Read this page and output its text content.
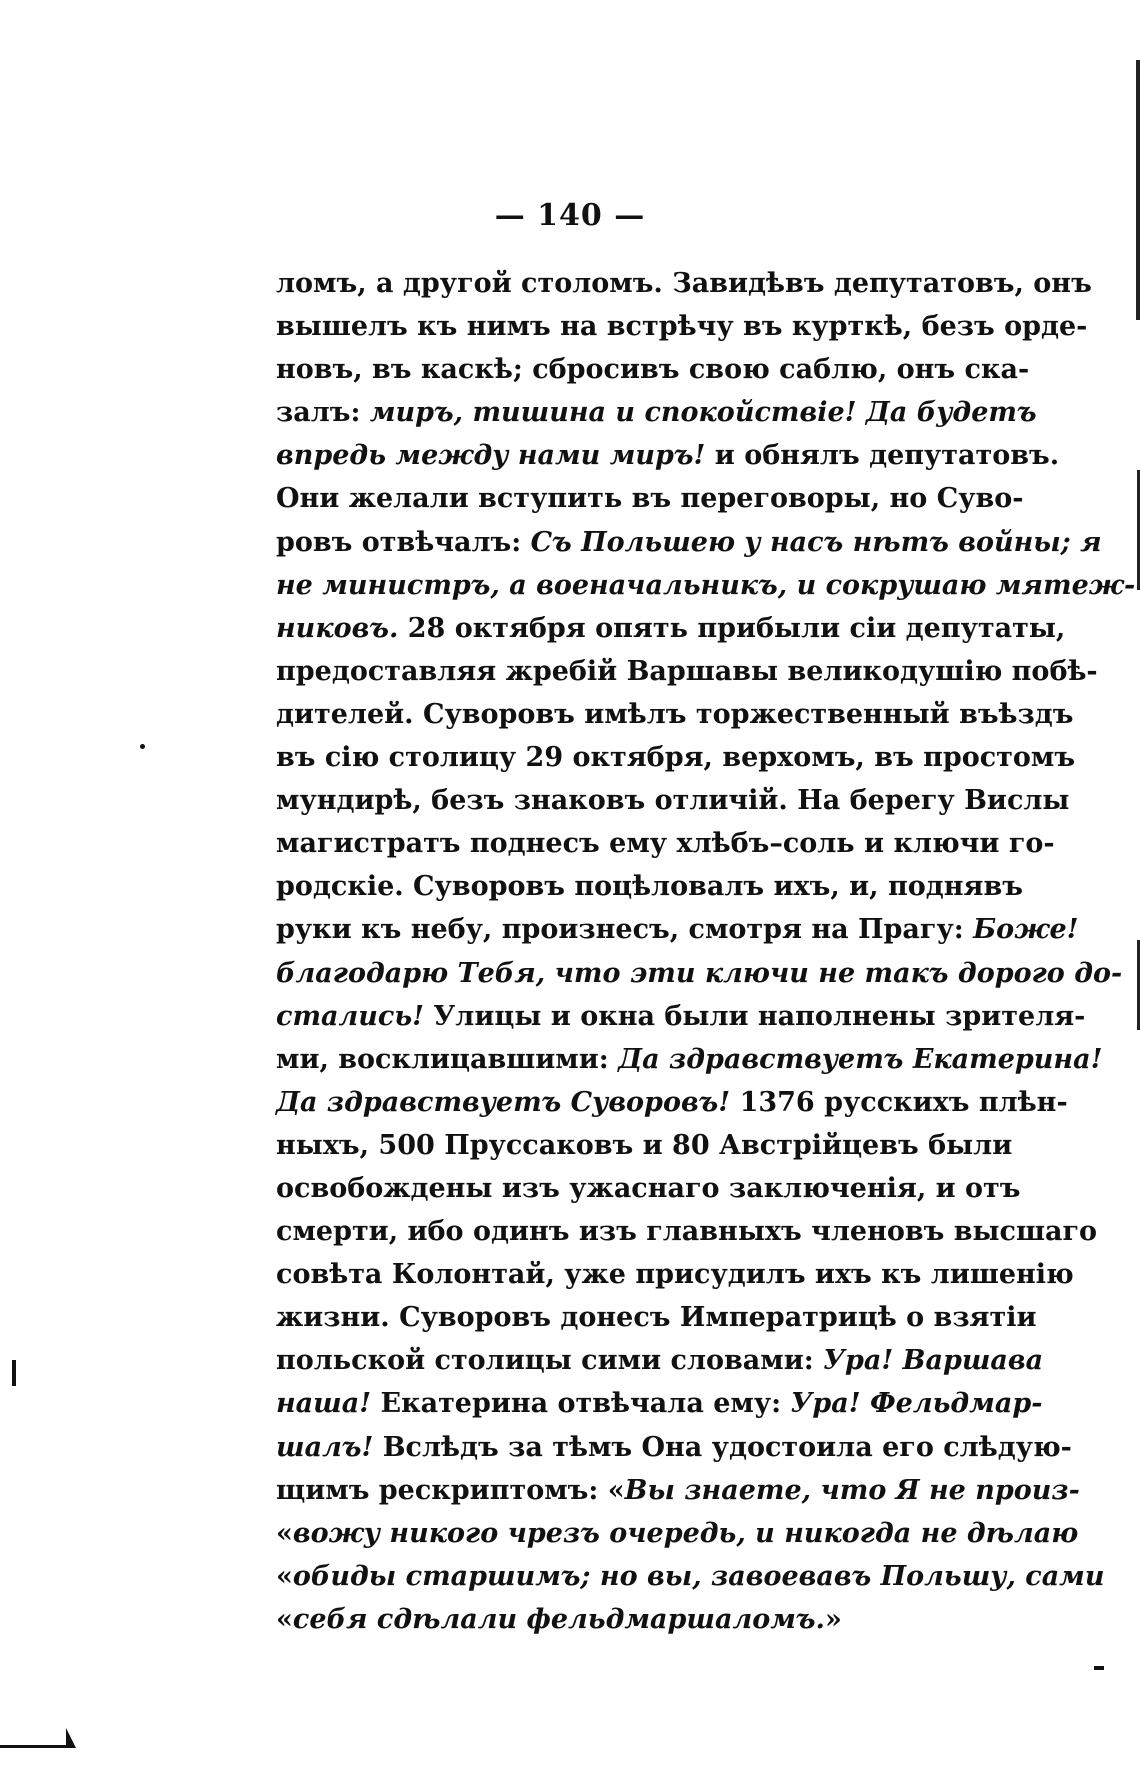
— 140 —
ломъ, а другой столомъ. Завидѣвъ депутатовъ, онъ
вышелъ къ нимъ на встрѣчу въ курткѣ, безъ орде-
новъ, въ каскѣ; сбросивъ свою саблю, онъ ска-
залъ: миръ, тишина и спокойствіе! Да будетъ
впредь между нами миръ! и обнялъ депутатовъ.
Они желали вступить въ переговоры, но Суво-
ровъ отвѣчалъ: Съ Польшею у насъ нѣтъ войны; я
не министръ, а военачальникъ, и сокрушаю мятеж-
никовъ. 28 октября опять прибыли сіи депутаты,
предоставляя жребій Варшавы великодушію побѣ-
дителей. Суворовъ имѣлъ торжественный въѣздъ
въ сію столицу 29 октября, верхомъ, въ простомъ
мундирѣ, безъ знаковъ отличій. На берегу Вислы
магистратъ поднесъ ему хлѣбъ–соль и ключи го-
родскіе. Суворовъ поцѣловалъ ихъ, и, поднявъ
руки къ небу, произнесъ, смотря на Прагу: Боже!
благодарю Тебя, что эти ключи не такъ дорого до-
стались! Улицы и окна были наполнены зрителя-
ми, восклицавшими: Да здравствуетъ Екатерина!
Да здравствуетъ Суворовъ! 1376 русскихъ плѣн-
ныхъ, 500 Пруссаковъ и 80 Австрійцевъ были
освобождены изъ ужаснаго заключенія, и отъ
смерти, ибо одинъ изъ главныхъ членовъ высшаго
совѣта Колонтай, уже присудилъ ихъ къ лишенію
жизни. Суворовъ донесъ Императрицѣ о взятіи
польской столицы сими словами: Ура! Варшава
наша! Екатерина отвѣчала ему: Ура! Фельдмар-
шалъ! Вслѣдъ за тѣмъ Она удостоила его слѣдую-
щимъ рескриптомъ: «Вы знаете, что Я не произ-
«вожу никого чрезъ очередь, и никогда не дѣлаю
«обиды старшимъ; но вы, завоевавъ Польшу, сами
«себя сдѣлали фельдмаршаломъ.»
